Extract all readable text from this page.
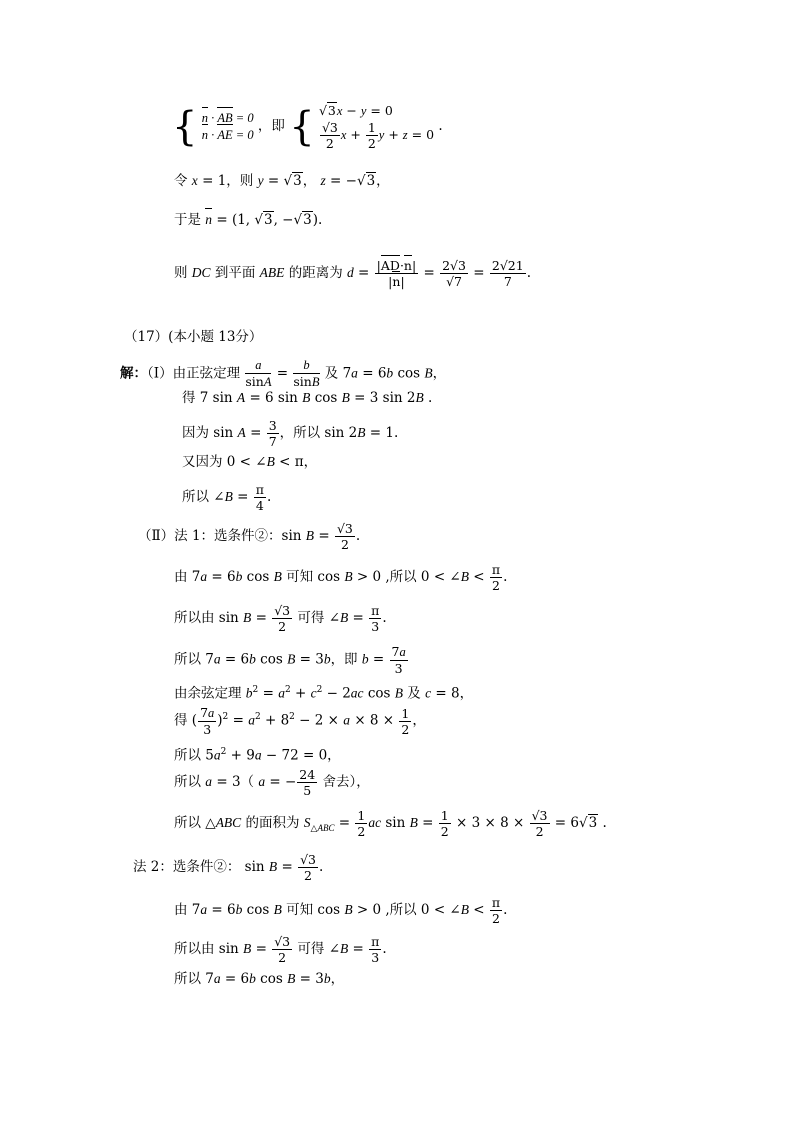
{ n · AB = 0
n · AE = 0
，即 { √3x − y = 0
$\frac{√3}{2}$ $x + \frac{1}{2}$ y + z = 0
.
令 x = 1，则 y = √3， z = −√3，
于是 n = (1, √3, −√3).
则 DC 到平面 ABE 的距离为 $d = \frac{|AD\cdot n|}{|n|} = \frac{2√3}{√7} = \frac{2√21}{7}$ .
（17）(本小题 13分）
解：（Ⅰ）由正弦定理 $\frac{a}{\sin A} = \frac{b}{\sin B}$ 及 7a = 6b cos B，
得 7 sin A = 6 sin B cos B = 3 sin 2B .
因为 $\sin A = \frac{3}{7}$ ，所以 sin 2B = 1.
又因为 0 < ∠B < π，
所以 ∠B = $\frac{\pi}{4}$ .
（Ⅱ）法 1：选条件②：$\sin B = \frac{√3}{2}$ .
由 7a = 6b cos B 可知 cos B > 0 ,所以 0 < ∠B < $\frac{\pi}{2}$ .
所以由 $\sin B = \frac{√3}{2}$ 可得 ∠B = $\frac{\pi}{3}$ .
所以 7a = 6b cos B = 3b，即 $b = \frac{7a}{3}$
由余弦定理 $b^2 = a^2 + c^2 - 2ac$ cos B 及 c = 8，
得 ( $\frac{7a}{3} )^2 = a^2 + 8^2 - 2 \times a \times 8 \times \frac{1}{2}$ ，
所以 $5a^2 + 9a - 72 = 0$，
所以 a = 3（ a = − $\frac{24}{5}$ 舍去），
所以 △ABC 的面积为 $S_{\triangle ABC} = \frac{1}{2}$ ac $\sin B = \frac{1}{2} \times 3 \times 8 \times \frac{√3}{2} = 6√3$ .
法 2：选条件②： $\sin B = \frac{√3}{2}$ .
由 7a = 6b cos B 可知 cos B > 0 ,所以 0 < ∠B < $\frac{\pi}{2}$ .
所以由 $\sin B = \frac{√3}{2}$ 可得 ∠B = $\frac{\pi}{3}$ .
所以 7a = 6b cos B = 3b，
